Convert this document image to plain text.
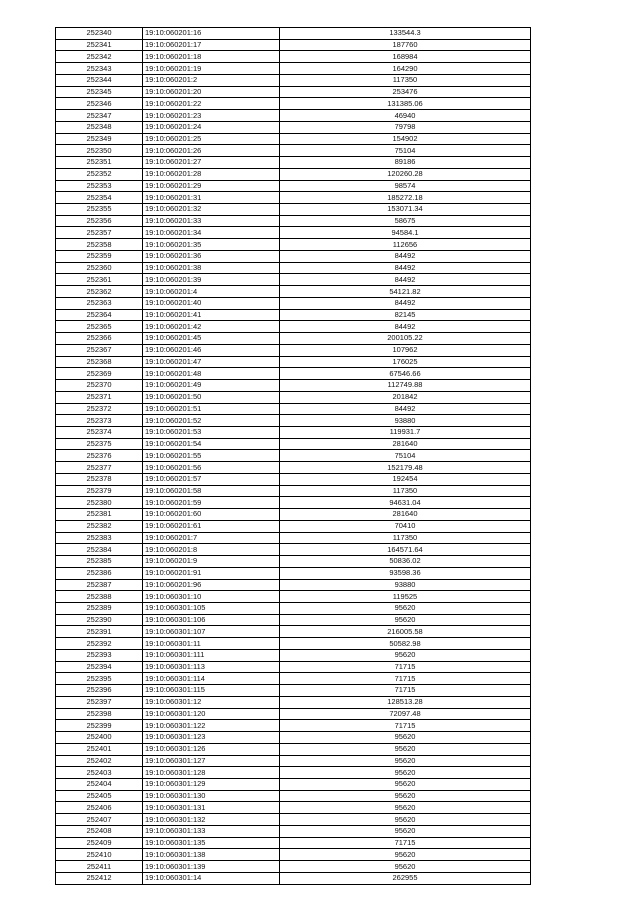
252340	19:10:060201:16	133544.3
252341	19:10:060201:17	187760
252342	19:10:060201:18	168984
252343	19:10:060201:19	164290
252344	19:10:060201:2	117350
252345	19:10:060201:20	253476
252346	19:10:060201:22	131385.06
252347	19:10:060201:23	46940
252348	19:10:060201:24	79798
252349	19:10:060201:25	154902
252350	19:10:060201:26	75104
252351	19:10:060201:27	89186
252352	19:10:060201:28	120260.28
252353	19:10:060201:29	98574
252354	19:10:060201:31	185272.18
252355	19:10:060201:32	153071.34
252356	19:10:060201:33	58675
252357	19:10:060201:34	94584.1
252358	19:10:060201:35	112656
252359	19:10:060201:36	84492
252360	19:10:060201:38	84492
252361	19:10:060201:39	84492
252362	19:10:060201:4	54121.82
252363	19:10:060201:40	84492
252364	19:10:060201:41	82145
252365	19:10:060201:42	84492
252366	19:10:060201:45	200105.22
252367	19:10:060201:46	107962
252368	19:10:060201:47	176025
252369	19:10:060201:48	67546.66
252370	19:10:060201:49	112749.88
252371	19:10:060201:50	201842
252372	19:10:060201:51	84492
252373	19:10:060201:52	93880
252374	19:10:060201:53	119931.7
252375	19:10:060201:54	281640
252376	19:10:060201:55	75104
252377	19:10:060201:56	152179.48
252378	19:10:060201:57	192454
252379	19:10:060201:58	117350
252380	19:10:060201:59	94631.04
252381	19:10:060201:60	281640
252382	19:10:060201:61	70410
252383	19:10:060201:7	117350
252384	19:10:060201:8	164571.64
252385	19:10:060201:9	50836.02
252386	19:10:060201:91	93598.36
252387	19:10:060201:96	93880
252388	19:10:060301:10	119525
252389	19:10:060301:105	95620
252390	19:10:060301:106	95620
252391	19:10:060301:107	216005.58
252392	19:10:060301:11	50582.98
252393	19:10:060301:111	95620
252394	19:10:060301:113	71715
252395	19:10:060301:114	71715
252396	19:10:060301:115	71715
252397	19:10:060301:12	128513.28
252398	19:10:060301:120	72097.48
252399	19:10:060301:122	71715
252400	19:10:060301:123	95620
252401	19:10:060301:126	95620
252402	19:10:060301:127	95620
252403	19:10:060301:128	95620
252404	19:10:060301:129	95620
252405	19:10:060301:130	95620
252406	19:10:060301:131	95620
252407	19:10:060301:132	95620
252408	19:10:060301:133	95620
252409	19:10:060301:135	71715
252410	19:10:060301:138	95620
252411	19:10:060301:139	95620
252412	19:10:060301:14	262955
